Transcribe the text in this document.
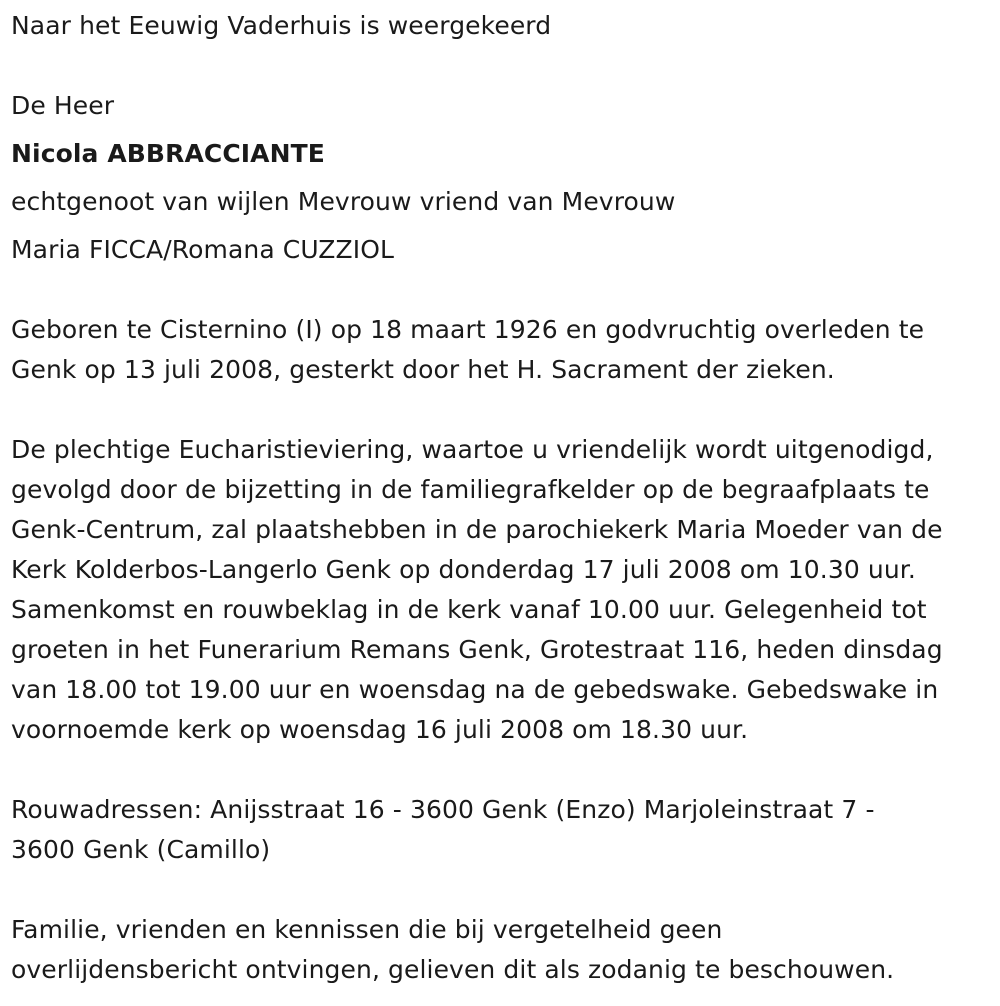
Naar het Eeuwig Vaderhuis is weergekeerd
De Heer
Nicola ABBRACCIANTE
echtgenoot van wijlen Mevrouw vriend van Mevrouw
Maria FICCA/Romana CUZZIOL
Geboren te Cisternino (I) op 18 maart 1926 en godvruchtig overleden te
Genk op 13 juli 2008, gesterkt door het H. Sacrament der zieken.
De plechtige Eucharistieviering, waartoe u vriendelijk wordt uitgenodigd,
gevolgd door de bijzetting in de familiegrafkelder op de begraafplaats te
Genk-Centrum, zal plaatshebben in de parochiekerk Maria Moeder van de
Kerk Kolderbos-Langerlo Genk op donderdag 17 juli 2008 om 10.30 uur.
Samenkomst en rouwbeklag in de kerk vanaf 10.00 uur. Gelegenheid tot
groeten in het Funerarium Remans Genk, Grotestraat 116, heden dinsdag
van 18.00 tot 19.00 uur en woensdag na de gebedswake. Gebedswake in
voornoemde kerk op woensdag 16 juli 2008 om 18.30 uur.
Rouwadressen: Anijsstraat 16 - 3600 Genk (Enzo) Marjoleinstraat 7 -
3600 Genk (Camillo)
Familie, vrienden en kennissen die bij vergetelheid geen
overlijdensbericht ontvingen, gelieven dit als zodanig te beschouwen.
